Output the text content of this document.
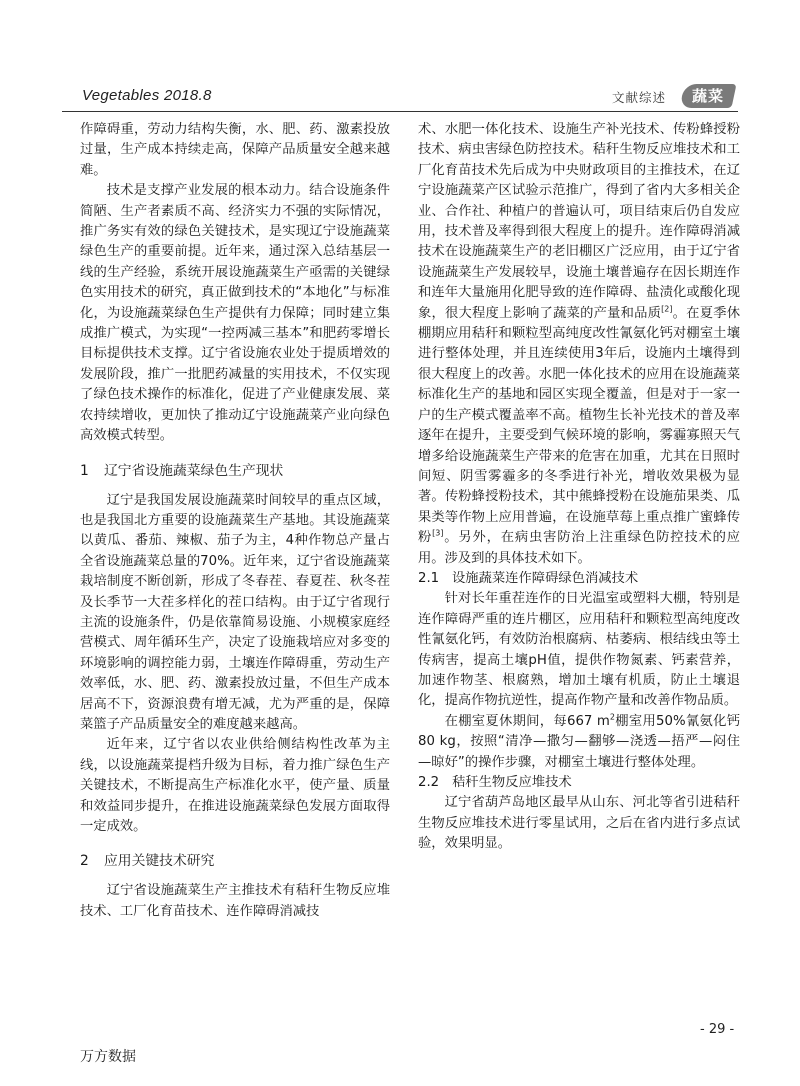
Vegetables 2018.8	文献综述	蔬菜

作障碍重，劳动力结构失衡，水、肥、药、激素投放过量，生产成本持续走高，保障产品质量安全越来越难。

技术是支撑产业发展的根本动力。结合设施条件简陋、生产者素质不高、经济实力不强的实际情况，推广务实有效的绿色关键技术，是实现辽宁设施蔬菜绿色生产的重要前提。近年来，通过深入总结基层一线的生产经验，系统开展设施蔬菜生产亟需的关键绿色实用技术的研究，真正做到技术的“本地化”与标准化，为设施蔬菜绿色生产提供有力保障；同时建立集成推广模式，为实现“一控两减三基本”和肥药零增长目标提供技术支撑。辽宁省设施农业处于提质增效的发展阶段，推广一批肥药减量的实用技术，不仅实现了绿色技术操作的标准化，促进了产业健康发展、菜农持续增收，更加快了推动辽宁设施蔬菜产业向绿色高效模式转型。

1 辽宁省设施蔬菜绿色生产现状

辽宁是我国发展设施蔬菜时间较早的重点区域，也是我国北方重要的设施蔬菜生产基地。其设施蔬菜以黄瓜、番茄、辣椒、茄子为主，4种作物总产量占全省设施蔬菜总量的70%。近年来，辽宁省设施蔬菜栽培制度不断创新，形成了冬春茬、春夏茬、秋冬茬及长季节一大茬多样化的茬口结构。由于辽宁省现行主流的设施条件，仍是依靠简易设施、小规模家庭经营模式、周年循环生产，决定了设施栽培应对多变的环境影响的调控能力弱，土壤连作障碍重，劳动生产效率低，水、肥、药、激素投放过量，不但生产成本居高不下，资源浪费有增无减，尤为严重的是，保障菜篮子产品质量安全的难度越来越高。

近年来，辽宁省以农业供给侧结构性改革为主线，以设施蔬菜提档升级为目标，着力推广绿色生产关键技术，不断提高生产标准化水平，使产量、质量和效益同步提升，在推进设施蔬菜绿色发展方面取得一定成效。

2 应用关键技术研究

辽宁省设施蔬菜生产主推技术有秸秆生物反应堆技术、工厂化育苗技术、连作障碍消减技

术、水肥一体化技术、设施生产补光技术、传粉蜂授粉技术、病虫害绿色防控技术。秸秆生物反应堆技术和工厂化育苗技术先后成为中央财政项目的主推技术，在辽宁设施蔬菜产区试验示范推广，得到了省内大多相关企业、合作社、种植户的普遍认可，项目结束后仍自发应用，技术普及率得到很大程度上的提升。连作障碍消减技术在设施蔬菜生产的老旧棚区广泛应用，由于辽宁省设施蔬菜生产发展较早，设施土壤普遍存在因长期连作和连年大量施用化肥导致的连作障碍、盐渍化或酸化现象，很大程度上影响了蔬菜的产量和品质[2]。在夏季休棚期应用秸秆和颗粒型高纯度改性氰氨化钙对棚室土壤进行整体处理，并且连续使用3年后，设施内土壤得到很大程度上的改善。水肥一体化技术的应用在设施蔬菜标准化生产的基地和园区实现全覆盖，但是对于一家一户的生产模式覆盖率不高。植物生长补光技术的普及率逐年在提升，主要受到气候环境的影响，雾霾寡照天气增多给设施蔬菜生产带来的危害在加重，尤其在日照时间短、阴雪雾霾多的冬季进行补光，增收效果极为显著。传粉蜂授粉技术，其中熊蜂授粉在设施茄果类、瓜果类等作物上应用普遍，在设施草莓上重点推广蜜蜂传粉[3]。另外，在病虫害防治上注重绿色防控技术的应用。涉及到的具体技术如下。

2.1 设施蔬菜连作障碍绿色消减技术

针对长年重茬连作的日光温室或塑料大棚，特别是连作障碍严重的连片棚区，应用秸秆和颗粒型高纯度改性氰氨化钙，有效防治根腐病、枯萎病、根结线虫等土传病害，提高土壤pH值，提供作物氮素、钙素营养，加速作物茎、根腐熟，增加土壤有机质，防止土壤退化，提高作物抗逆性，提高作物产量和改善作物品质。

在棚室夏休期间，每667 $m^2$棚室用50%氰氨化钙80 kg，按照“清净—撒匀—翻够—浇透—捂严—闷住—晾好”的操作步骤，对棚室土壤进行整体处理。

2.2 秸秆生物反应堆技术

辽宁省葫芦岛地区最早从山东、河北等省引进秸秆生物反应堆技术进行零星试用，之后在省内进行多点试验，效果明显。

- 29 -
万方数据
